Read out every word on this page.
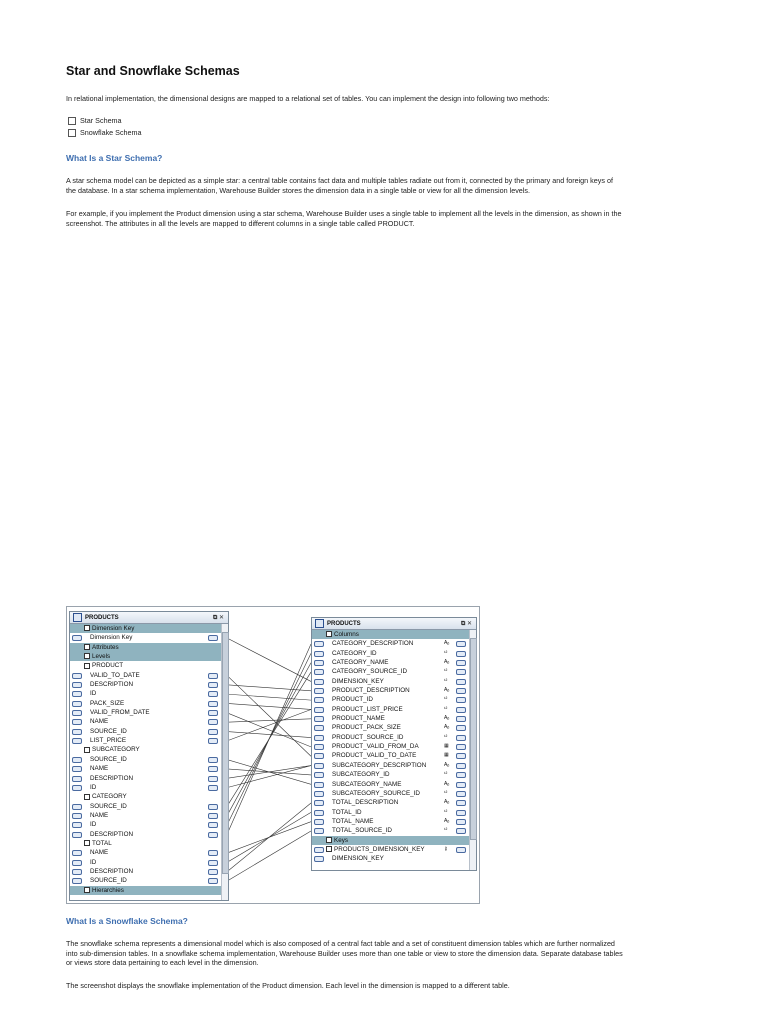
Star and Snowflake Schemas

In relational implementation, the dimensional designs are mapped to a relational set of tables. You can implement the design into following two methods:

Star Schema
Snowflake Schema
What Is a Star Schema?

A star schema model can be depicted as a simple star: a central table contains fact data and multiple tables radiate out from it, connected by the primary and foreign keys of
the database. In a star schema implementation, Warehouse Builder stores the dimension data in a single table or view for all the dimension levels.

For example, if you implement the Product dimension using a star schema, Warehouse Builder uses a single table to implement all the levels in the dimension, as shown in the
screenshot. The attributes in all the levels are mapped to different columns in a single table called PRODUCT.

PRODUCTS	⧉ ✕
Dimension Key
Dimension Key
Attributes
Levels
PRODUCT
VALID_TO_DATE
DESCRIPTION
ID
PACK_SIZE
VALID_FROM_DATE
NAME
SOURCE_ID
LIST_PRICE
SUBCATEGORY
SOURCE_ID
NAME
DESCRIPTION
ID
CATEGORY
SOURCE_ID
NAME
ID
DESCRIPTION
TOTAL
NAME
ID
DESCRIPTION
SOURCE_ID
Hierarchies
PRODUCTS	⧉ ✕
Columns
Aᵦ
CATEGORY_DESCRIPTION
¹²
CATEGORY_ID
Aᵦ
CATEGORY_NAME
¹²
CATEGORY_SOURCE_ID
¹²
DIMENSION_KEY
Aᵦ
PRODUCT_DESCRIPTION
¹²
PRODUCT_ID
¹²
PRODUCT_LIST_PRICE
Aᵦ
PRODUCT_NAME
Aᵦ
PRODUCT_PACK_SIZE
¹²
PRODUCT_SOURCE_ID
▦
PRODUCT_VALID_FROM_DA
▦
PRODUCT_VALID_TO_DATE
Aᵦ
SUBCATEGORY_DESCRIPTION
¹²
SUBCATEGORY_ID
Aᵦ
SUBCATEGORY_NAME
¹²
SUBCATEGORY_SOURCE_ID
Aᵦ
TOTAL_DESCRIPTION
¹²
TOTAL_ID
Aᵦ
TOTAL_NAME
¹²
TOTAL_SOURCE_ID
Keys
⚷
PRODUCTS_DIMENSION_KEY
DIMENSION_KEY
What Is a Snowflake Schema?

The snowflake schema represents a dimensional model which is also composed of a central fact table and a set of constituent dimension tables which are further normalized
into sub-dimension tables. In a snowflake schema implementation, Warehouse Builder uses more than one table or view to store the dimension data. Separate database tables
or views store data pertaining to each level in the dimension.

The screenshot displays the snowflake implementation of the Product dimension. Each level in the dimension is mapped to a different table.
